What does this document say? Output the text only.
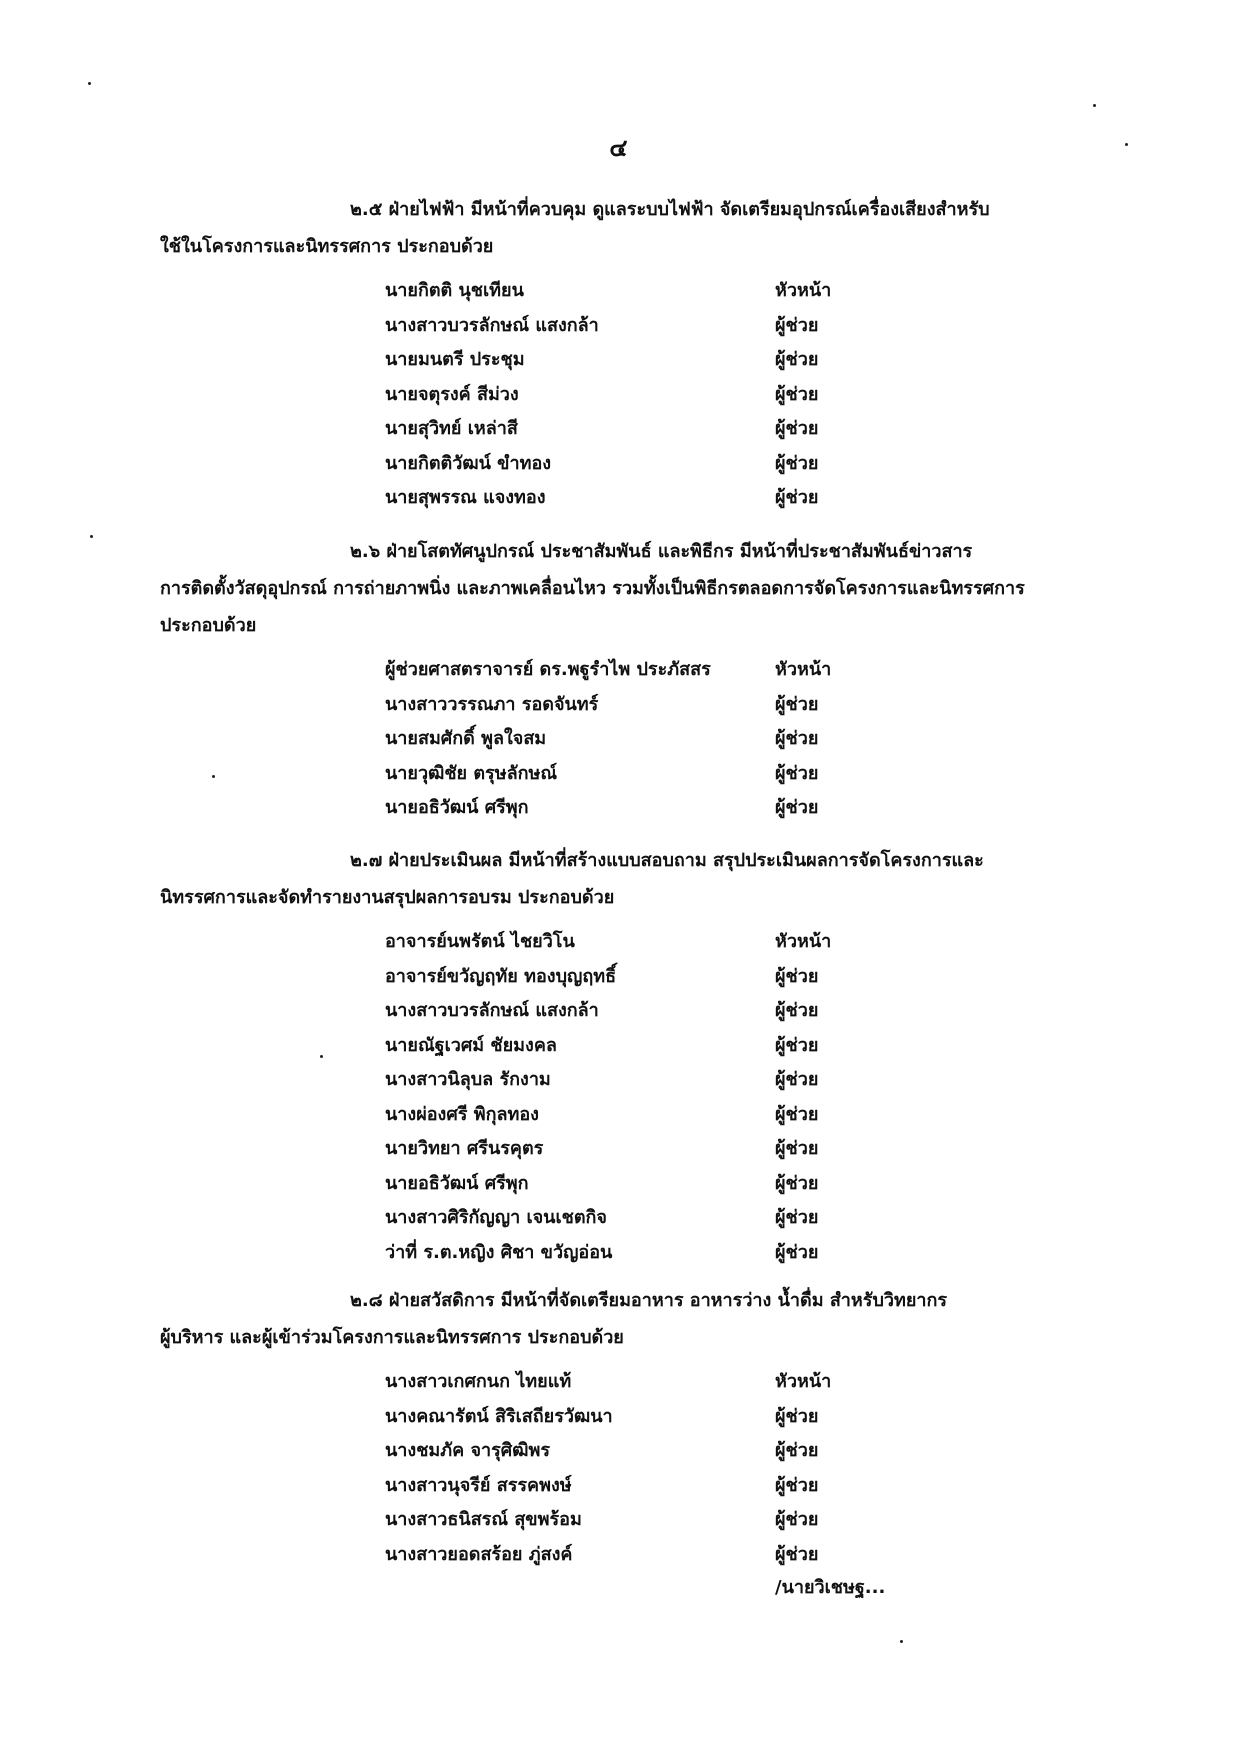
๔
๒.๕ ฝ่ายไฟฟ้า มีหน้าที่ควบคุม ดูแลระบบไฟฟ้า จัดเตรียมอุปกรณ์เครื่องเสียงสำหรับ
ใช้ในโครงการและนิทรรศการ ประกอบด้วย
นายกิตติ นุชเทียน	หัวหน้า
นางสาวบวรลักษณ์ แสงกล้า	ผู้ช่วย
นายมนตรี ประชุม	ผู้ช่วย
นายจตุรงค์ สีม่วง	ผู้ช่วย
นายสุวิทย์ เหล่าสี	ผู้ช่วย
นายกิตติวัฒน์ ขำทอง	ผู้ช่วย
นายสุพรรณ แจงทอง	ผู้ช่วย
๒.๖ ฝ่ายโสตทัศนูปกรณ์ ประชาสัมพันธ์ และพิธีกร มีหน้าที่ประชาสัมพันธ์ข่าวสาร
การติดตั้งวัสดุอุปกรณ์ การถ่ายภาพนิ่ง และภาพเคลื่อนไหว รวมทั้งเป็นพิธีกรตลอดการจัดโครงการและนิทรรศการ
ประกอบด้วย
ผู้ช่วยศาสตราจารย์ ดร.พฐูรำไพ ประภัสสร	หัวหน้า
นางสาววรรณภา รอดจันทร์	ผู้ช่วย
นายสมศักดิ์ พูลใจสม	ผู้ช่วย
นายวุฒิชัย ตรุษลักษณ์	ผู้ช่วย
นายอธิวัฒน์ ศรีพุก	ผู้ช่วย
๒.๗ ฝ่ายประเมินผล มีหน้าที่สร้างแบบสอบถาม สรุปประเมินผลการจัดโครงการและ
นิทรรศการและจัดทำรายงานสรุปผลการอบรม ประกอบด้วย
อาจารย์นพรัตน์ ไชยวิโน	หัวหน้า
อาจารย์ขวัญฤทัย ทองบุญฤทธิ์	ผู้ช่วย
นางสาวบวรลักษณ์ แสงกล้า	ผู้ช่วย
นายณัฐเวศม์ ชัยมงคล	ผู้ช่วย
นางสาวนิลุบล รักงาม	ผู้ช่วย
นางผ่องศรี พิกุลทอง	ผู้ช่วย
นายวิทยา ศรีนรคุตร	ผู้ช่วย
นายอธิวัฒน์ ศรีพุก	ผู้ช่วย
นางสาวศิริกัญญา เจนเชตกิจ	ผู้ช่วย
ว่าที่ ร.ต.หญิง ศิชา ขวัญอ่อน	ผู้ช่วย
๒.๘ ฝ่ายสวัสดิการ มีหน้าที่จัดเตรียมอาหาร อาหารว่าง น้ำดื่ม สำหรับวิทยากร
ผู้บริหาร และผู้เข้าร่วมโครงการและนิทรรศการ ประกอบด้วย
นางสาวเกศกนก ไทยแท้	หัวหน้า
นางคณารัตน์ สิริเสถียรวัฒนา	ผู้ช่วย
นางชมภัค จารุศิฒิพร	ผู้ช่วย
นางสาวนุจรีย์ สรรคพงษ์	ผู้ช่วย
นางสาวธนิสรณ์ สุขพร้อม	ผู้ช่วย
นางสาวยอดสร้อย ภู่สงค์	ผู้ช่วย
/นายวิเชษฐ...
